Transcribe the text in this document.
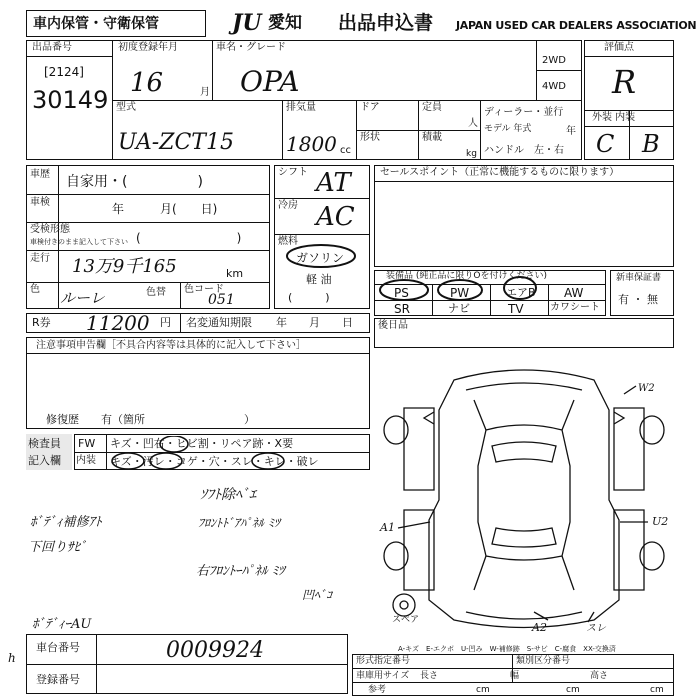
車内保管・守衛保管	JU 愛知 出品申込書 JAPAN USED CAR DEALERS ASSOCIATION
出品番号
[2124]
30149
初度登録年月
16	月
車名・グレード
OPA
2WD
4WD
型式
UA-ZCT15
排気量
1800 cc
ドア	定員
人
形状	積載
kg
ディーラー・並行
モデル 年式	年
ハンドル　左・右
評価点
R
外装 内装
C B
車歴 自家用・(　　　　　)
車検	年　　　月(　　日)
受検形態
車検付きのまま記入して下さい (　　　　　　　　)
走行 13万9千165	km
色 ルーレ	色替 色コード
051
シフト AT
冷房 AC
燃料
ガソリン
軽 油
(　　　)
セールスポイント（正常に機能するものに限ります）
装備品 (純正品に限りOを付けください)
PS	PW	エアB AW
SR	ナビ	TV	カワシート
新車保証書
有 ・ 無
R券 11200 円 名変通知期限 年　　月　　日	後日品
注意事項申告欄［不具合内容等は具体的に記入して下さい］
修復歴　　有（箇所　　　　　　　　　）
検査員
記入欄
FW キズ・凹右・ヒビ割・リペア跡・X要
内装 キズ・汚レ・コゲ・穴・スレ・キレ・破レ
ｿﾌﾄ除ﾍﾞｴ
ﾎﾞﾃﾞｨ補修ｱﾄ	ﾌﾛﾝﾄﾄﾞｱﾊﾟﾈﾙ ﾐﾂ
下回りｻﾋﾞ
右ﾌﾛﾝﾄｰﾊﾟﾈﾙ ﾐﾂ
凹ﾍﾞｺ
ﾎﾞﾃﾞｨｰAU
W2
A1	U2
A2
スペア
スレ
A-キズ　E-エクボ　U-凹み　W-補修跡　S-サビ　C-腐食　XX-交換済
車台番号	0009924
登録番号
h	形式指定番号	類別区分番号
車庫用サイズ 長さ	幅	高さ
参考	cm	cm	cm
